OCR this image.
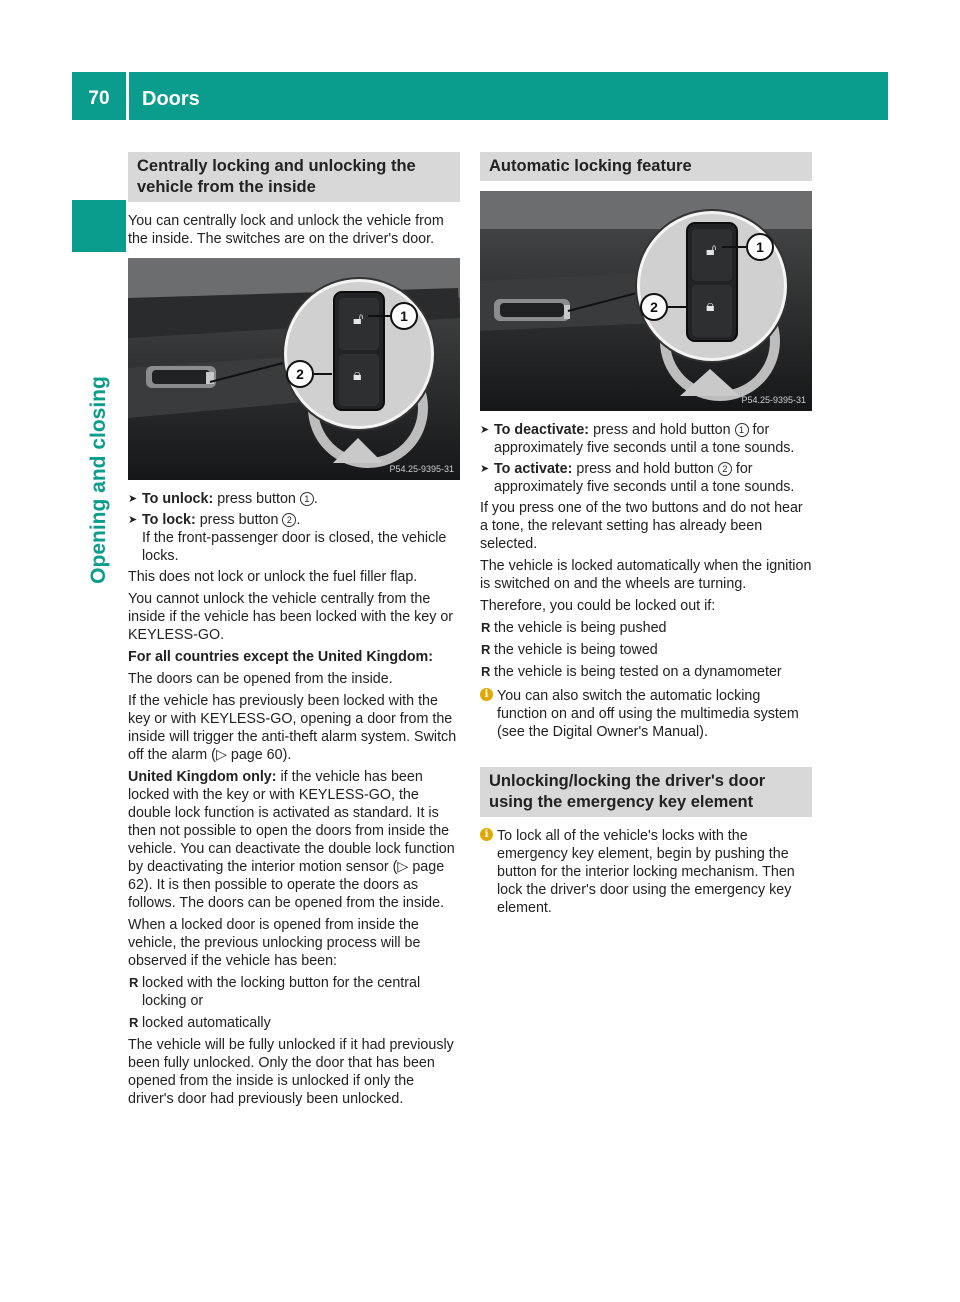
70	Doors
Opening and closing
Centrally locking and unlocking the vehicle from the inside

You can centrally lock and unlock the vehicle from the inside. The switches are on the driver's door.

🔓︎
🔒︎
1
2
P54.25-9395-31
➤ To unlock: press button 1 .
➤ To lock: press button 2 .
If the front-passenger door is closed, the vehicle locks.

This does not lock or unlock the fuel filler flap.

You cannot unlock the vehicle centrally from the inside if the vehicle has been locked with the key or KEYLESS-GO.

For all countries except the United Kingdom:

The doors can be opened from the inside.

If the vehicle has previously been locked with the key or with KEYLESS-GO, opening a door from the inside will trigger the anti-theft alarm system. Switch off the alarm (▷ page 60).

United Kingdom only: if the vehicle has been locked with the key or with KEYLESS-GO, the double lock function is activated as standard. It is then not possible to open the doors from inside the vehicle. You can deactivate the double lock function by deactivating the interior motion sensor (▷ page 62). It is then possible to operate the doors as follows. The doors can be opened from the inside.

When a locked door is opened from inside the vehicle, the previous unlocking process will be observed if the vehicle has been:

R locked with the locking button for the central locking or
R locked automatically

The vehicle will be fully unlocked if it had previously been fully unlocked. Only the door that has been opened from the inside is unlocked if only the driver's door had previously been unlocked.

Automatic locking feature
🔓︎
🔒︎
1
2
P54.25-9395-31
➤ To deactivate: press and hold button 1 for approximately five seconds until a tone sounds.
➤ To activate: press and hold button 2 for approximately five seconds until a tone sounds.

If you press one of the two buttons and do not hear a tone, the relevant setting has already been selected.

The vehicle is locked automatically when the ignition is switched on and the wheels are turning.

Therefore, you could be locked out if:

R the vehicle is being pushed
R the vehicle is being towed
R the vehicle is being tested on a dynamometer
i You can also switch the automatic locking function on and off using the multimedia system (see the Digital Owner's Manual).
Unlocking/locking the driver's door using the emergency key element
i To lock all of the vehicle's locks with the emergency key element, begin by pushing the button for the interior locking mechanism. Then lock the driver's door using the emergency key element.
